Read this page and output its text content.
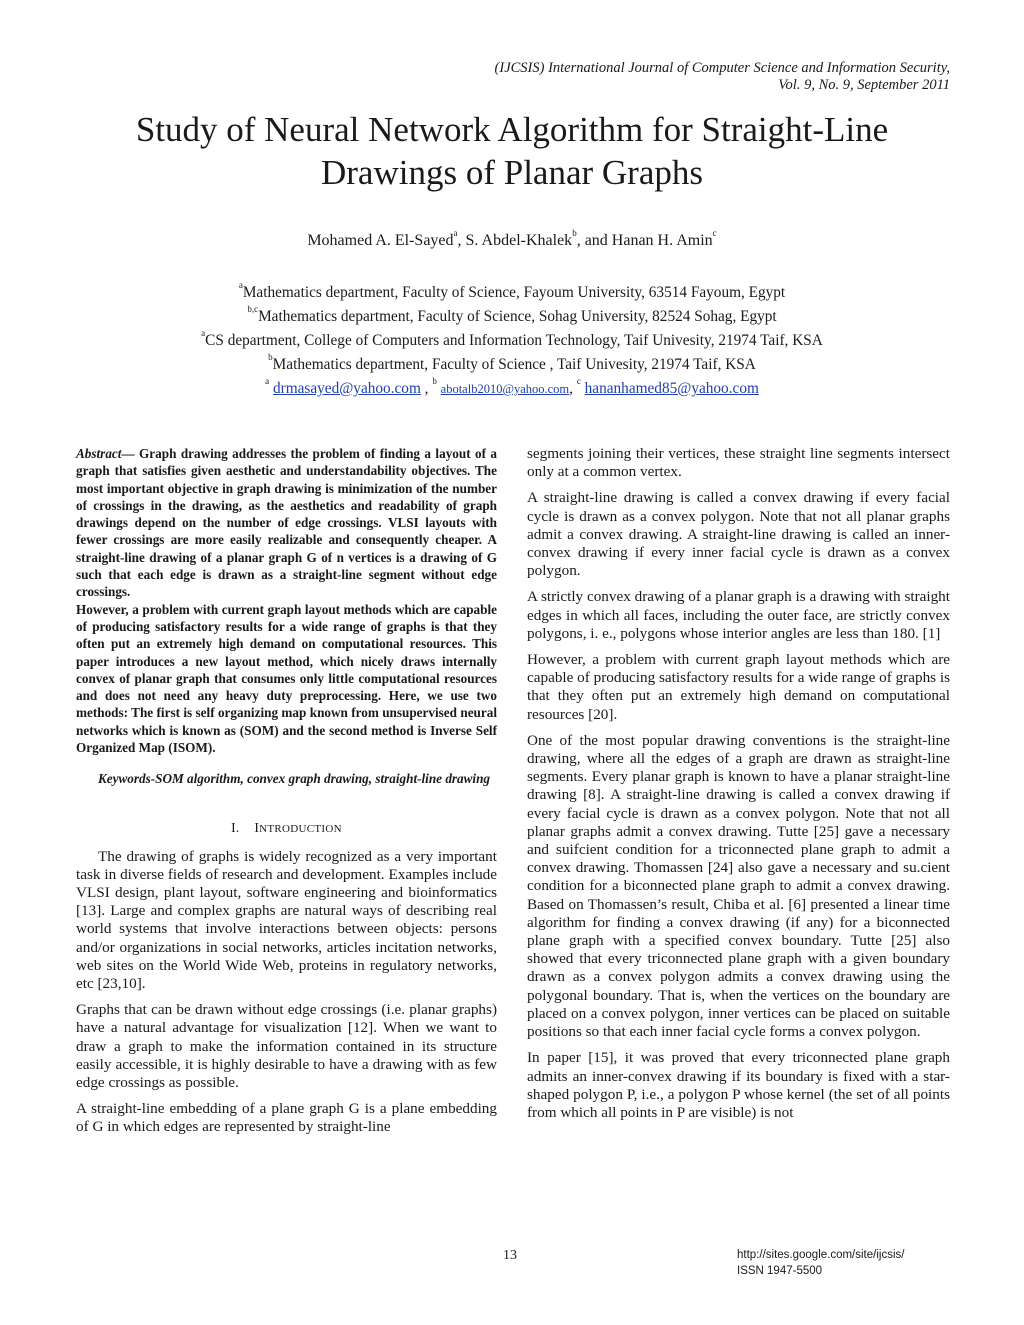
(IJCSIS) International Journal of Computer Science and Information Security,
Vol. 9, No. 9, September 2011
Study of Neural Network Algorithm for Straight-Line
Drawings of Planar Graphs
Mohamed A. El-Sayed$^a$, S. Abdel-Khalek$^b$, and Hanan H. Amin$^c$
$^a$Mathematics department, Faculty of Science, Fayoum University, 63514 Fayoum, Egypt
$^{b,c}$Mathematics department, Faculty of Science, Sohag University, 82524 Sohag, Egypt
$^a$CS department, College of Computers and Information Technology, Taif Univesity, 21974 Taif, KSA
$^b$Mathematics department, Faculty of Science , Taif Univesity, 21974 Taif, KSA
$^a$ drmasayed@yahoo.com , $^b$ abotalb2010@yahoo.com, $^c$ hananhamed85@yahoo.com
Abstract— Graph drawing addresses the problem of finding a layout of a graph that satisfies given aesthetic and understandability objectives. The most important objective in graph drawing is minimization of the number of crossings in the drawing, as the aesthetics and readability of graph drawings depend on the number of edge crossings. VLSI layouts with fewer crossings are more easily realizable and consequently cheaper. A straight-line drawing of a planar graph G of n vertices is a drawing of G such that each edge is drawn as a straight-line segment without edge crossings.
However, a problem with current graph layout methods which are capable of producing satisfactory results for a wide range of graphs is that they often put an extremely high demand on computational resources. This paper introduces a new layout method, which nicely draws internally convex of planar graph that consumes only little computational resources and does not need any heavy duty preprocessing. Here, we use two methods: The first is self organizing map known from unsupervised neural networks which is known as (SOM) and the second method is Inverse Self Organized Map (ISOM).
Keywords-SOM algorithm, convex graph drawing, straight-line drawing
I. INTRODUCTION

The drawing of graphs is widely recognized as a very important task in diverse fields of research and development. Examples include VLSI design, plant layout, software engineering and bioinformatics [13]. Large and complex graphs are natural ways of describing real world systems that involve interactions between objects: persons and/or organizations in social networks, articles incitation networks, web sites on the World Wide Web, proteins in regulatory networks, etc [23,10].

Graphs that can be drawn without edge crossings (i.e. planar graphs) have a natural advantage for visualization [12]. When we want to draw a graph to make the information contained in its structure easily accessible, it is highly desirable to have a drawing with as few edge crossings as possible.

A straight-line embedding of a plane graph G is a plane embedding of G in which edges are represented by straight-line

segments joining their vertices, these straight line segments intersect only at a common vertex.

A straight-line drawing is called a convex drawing if every facial cycle is drawn as a convex polygon. Note that not all planar graphs admit a convex drawing. A straight-line drawing is called an inner-convex drawing if every inner facial cycle is drawn as a convex polygon.

A strictly convex drawing of a planar graph is a drawing with straight edges in which all faces, including the outer face, are strictly convex polygons, i. e., polygons whose interior angles are less than 180. [1]

However, a problem with current graph layout methods which are capable of producing satisfactory results for a wide range of graphs is that they often put an extremely high demand on computational resources [20].

One of the most popular drawing conventions is the straight-line drawing, where all the edges of a graph are drawn as straight-line segments. Every planar graph is known to have a planar straight-line drawing [8]. A straight-line drawing is called a convex drawing if every facial cycle is drawn as a convex polygon. Note that not all planar graphs admit a convex drawing. Tutte [25] gave a necessary and suifcient condition for a triconnected plane graph to admit a convex drawing. Thomassen [24] also gave a necessary and su.cient condition for a biconnected plane graph to admit a convex drawing. Based on Thomassen’s result, Chiba et al. [6] presented a linear time algorithm for finding a convex drawing (if any) for a biconnected plane graph with a specified convex boundary. Tutte [25] also showed that every triconnected plane graph with a given boundary drawn as a convex polygon admits a convex drawing using the polygonal boundary. That is, when the vertices on the boundary are placed on a convex polygon, inner vertices can be placed on suitable positions so that each inner facial cycle forms a convex polygon.

In paper [15], it was proved that every triconnected plane graph admits an inner-convex drawing if its boundary is fixed with a star-shaped polygon P, i.e., a polygon P whose kernel (the set of all points from which all points in P are visible) is not

13	http://sites.google.com/site/ijcsis/
ISSN 1947-5500
